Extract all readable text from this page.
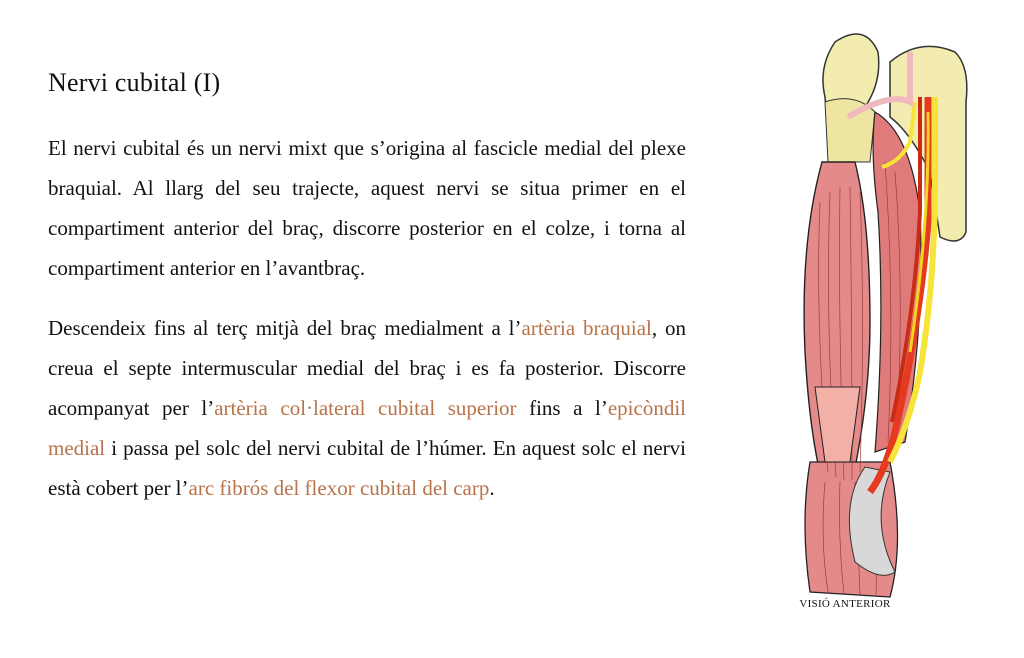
Nervi cubital (I)

El nervi cubital és un nervi mixt que s’origina al fascicle medial del plexe braquial. Al llarg del seu trajecte, aquest nervi se situa primer en el compartiment anterior del braç, discorre posterior en el colze, i torna al compartiment anterior en l’avantbraç.

Descendeix fins al terç mitjà del braç medialment a l’artèria braquial, on creua el septe intermuscular medial del braç i es fa posterior. Discorre acompanyat per l’artèria col·lateral cubital superior fins a l’epicòndil medial i passa pel solc del nervi cubital de l’húmer. En aquest solc el nervi està cobert per l’arc fibrós del flexor cubital del carp.

VISIÓ ANTERIOR
